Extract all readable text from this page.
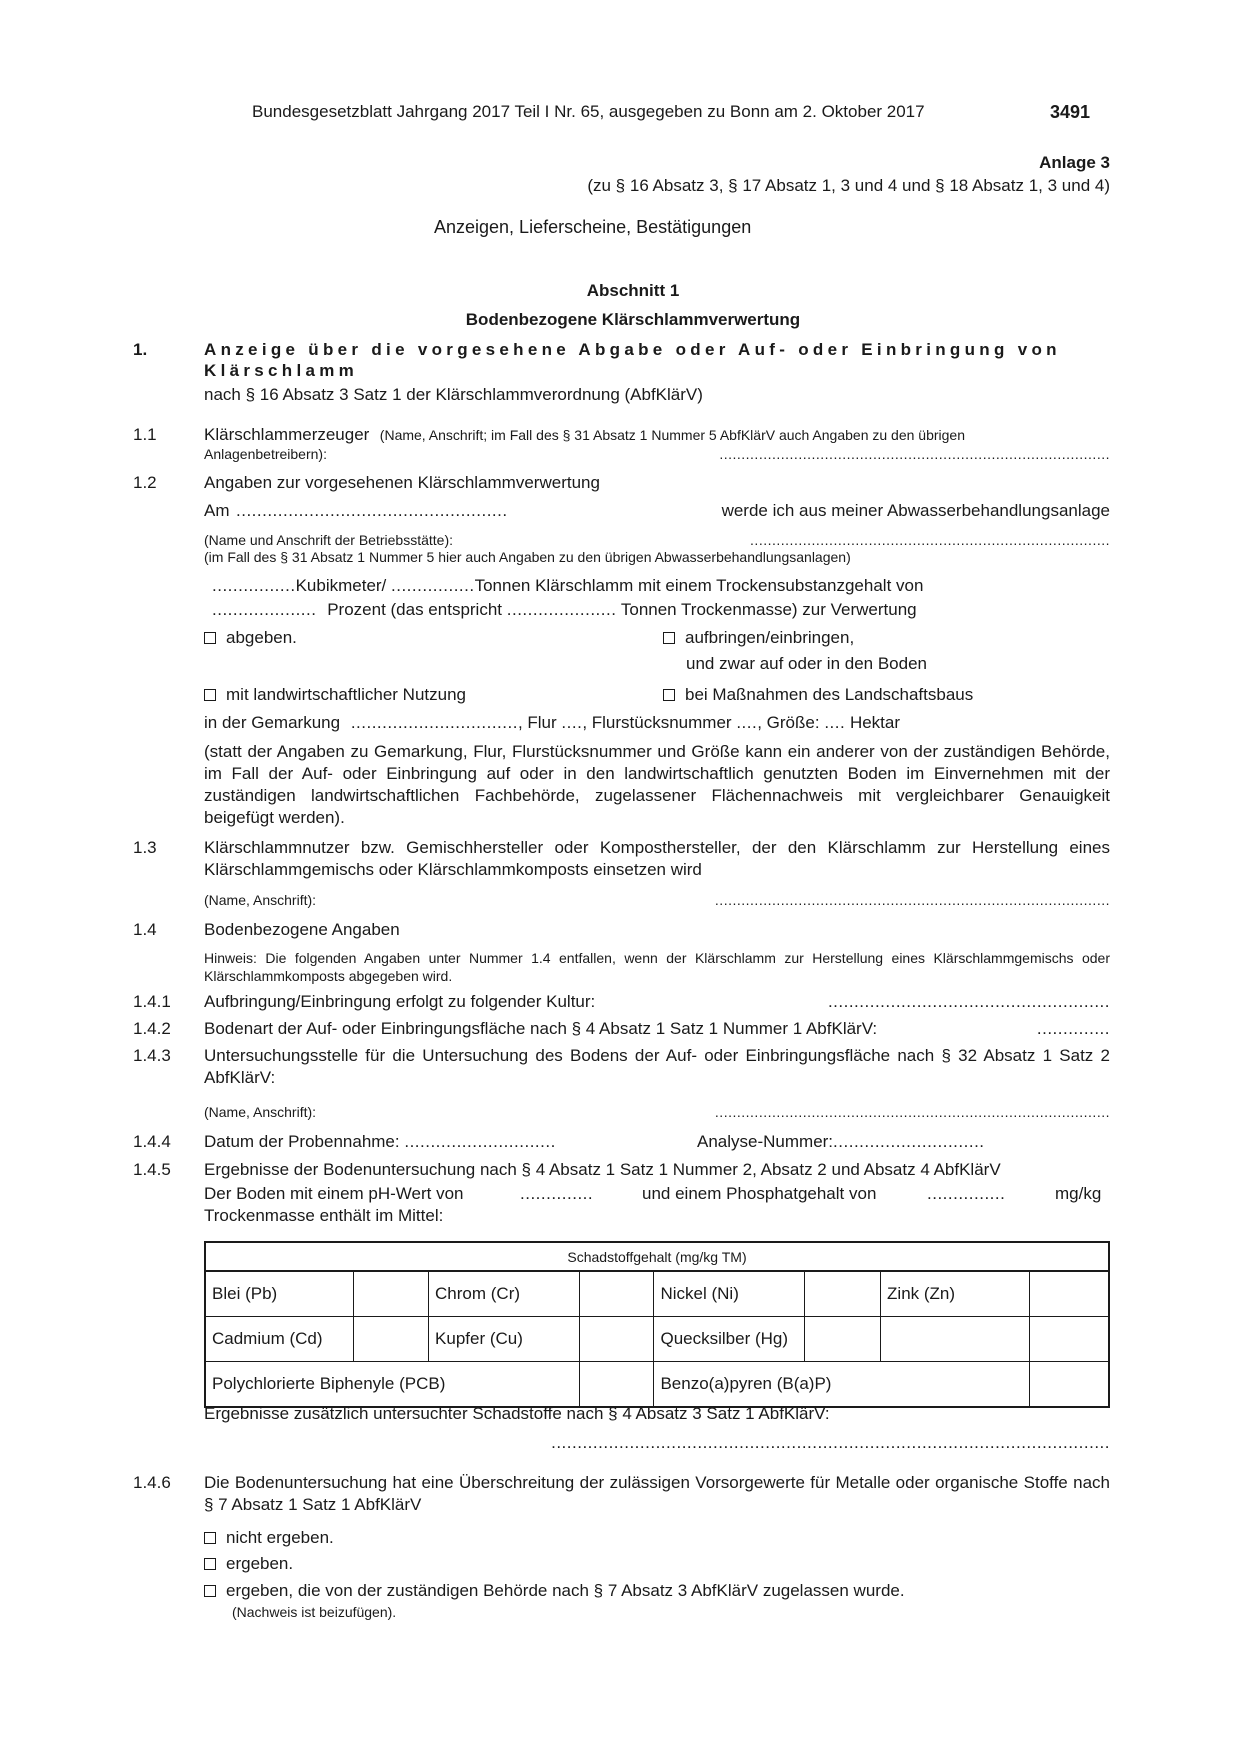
Bundesgesetzblatt Jahrgang 2017 Teil I Nr. 65, ausgegeben zu Bonn am 2. Oktober 2017	3491
Anlage 3
(zu § 16 Absatz 3, § 17 Absatz 1, 3 und 4 und § 18 Absatz 1, 3 und 4)
Anzeigen, Lieferscheine, Bestätigungen
Abschnitt 1
Bodenbezogene Klärschlammverwertung
1.	Anzeige über die vorgesehene Abgabe oder Auf- oder Einbringung von
Klärschlamm
nach § 16 Absatz 3 Satz 1 der Klärschlammverordnung (AbfKlärV)
1.1	Klärschlammerzeuger (Name, Anschrift; im Fall des § 31 Absatz 1 Nummer 5 AbfKlärV auch Angaben zu den übrigen
Anlagenbetreibern):	.........................................................................................
1.2	Angaben zur vorgesehenen Klärschlammverwertung
Am ....................................................	werde ich aus meiner Abwasserbehandlungsanlage
(Name und Anschrift der Betriebsstätte):	..................................................................................
(im Fall des § 31 Absatz 1 Nummer 5 hier auch Angaben zu den übrigen Abwasserbehandlungsanlagen)
................Kubikmeter/ ................Tonnen Klärschlamm mit einem Trockensubstanzgehalt von
.................... Prozent (das entspricht ..................... Tonnen Trockenmasse) zur Verwertung
abgeben.	aufbringen/einbringen,
und zwar auf oder in den Boden
mit landwirtschaftlicher Nutzung	bei Maßnahmen des Landschaftsbaus
in der Gemarkung ................................, Flur ...., Flurstücksnummer ...., Größe: .... Hektar
(statt der Angaben zu Gemarkung, Flur, Flurstücksnummer und Größe kann ein anderer von der zuständigen Behörde, im Fall der Auf- oder Einbringung auf oder in den landwirtschaftlich genutzten Boden im Einvernehmen mit der zuständigen landwirtschaftlichen Fachbehörde, zugelassener Flächennachweis mit vergleichbarer Genauigkeit beigefügt werden).
1.3	Klärschlammnutzer bzw. Gemischhersteller oder Komposthersteller, der den Klärschlamm zur Herstellung eines Klärschlammgemischs oder Klärschlammkomposts einsetzen wird
(Name, Anschrift):	..........................................................................................
1.4	Bodenbezogene Angaben
Hinweis: Die folgenden Angaben unter Nummer 1.4 entfallen, wenn der Klärschlamm zur Herstellung eines Klärschlammgemischs oder Klärschlammkomposts abgegeben wird.
1.4.1 Aufbringung/Einbringung erfolgt zu folgender Kultur:	......................................................
1.4.2 Bodenart der Auf- oder Einbringungsfläche nach § 4 Absatz 1 Satz 1 Nummer 1 AbfKlärV:	..............
1.4.3 Untersuchungsstelle für die Untersuchung des Bodens der Auf- oder Einbringungsfläche nach § 32 Absatz 1 Satz 2 AbfKlärV:
(Name, Anschrift):	..........................................................................................
1.4.4 Datum der Probennahme: .............................	Analyse-Nummer:.............................
1.4.5 Ergebnisse der Bodenuntersuchung nach § 4 Absatz 1 Satz 1 Nummer 2, Absatz 2 und Absatz 4 AbfKlärV
Der Boden mit einem pH-Wert von	..............	und einem Phosphatgehalt von	...............	mg/kg
Trockenmasse enthält im Mittel:
Schadstoffgehalt (mg/kg TM)							
Blei (Pb)		Chrom (Cr)		Nickel (Ni)		Zink (Zn)	
Cadmium (Cd)		Kupfer (Cu)		Quecksilber (Hg)			
Polychlorierte Biphenyle (PCB)				Benzo(a)pyren (B(a)P)			
Ergebnisse zusätzlich untersuchter Schadstoffe nach § 4 Absatz 3 Satz 1 AbfKlärV:
...........................................................................................................
1.4.6 Die Bodenuntersuchung hat eine Überschreitung der zulässigen Vorsorgewerte für Metalle oder organische Stoffe nach § 7 Absatz 1 Satz 1 AbfKlärV
nicht ergeben.
ergeben.
ergeben, die von der zuständigen Behörde nach § 7 Absatz 3 AbfKlärV zugelassen wurde.
(Nachweis ist beizufügen).
